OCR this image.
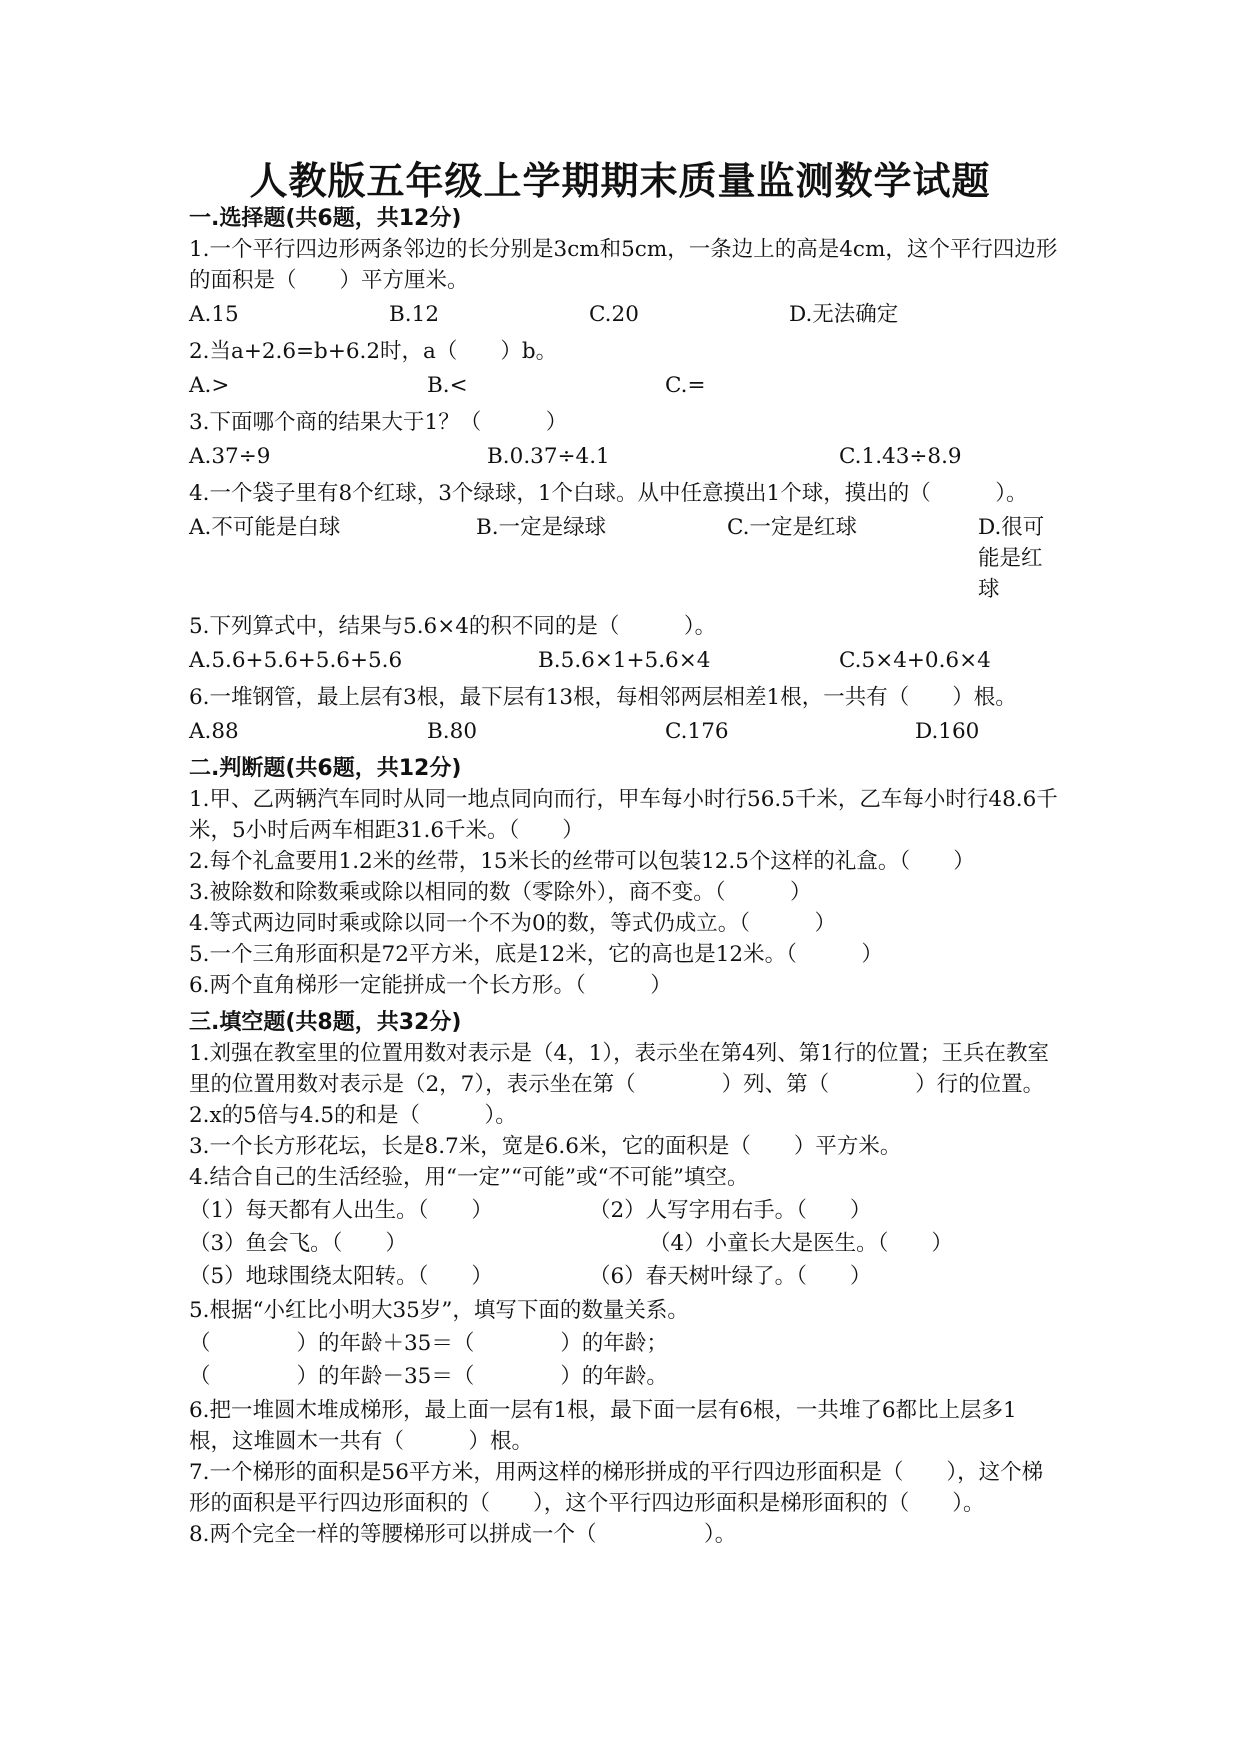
人教版五年级上学期期末质量监测数学试题
一.选择题(共6题，共12分)
1.一个平行四边形两条邻边的长分别是3cm和5cm，一条边上的高是4cm，这个平行四边形的面积是（　　）平方厘米。
A.15	B.12	C.20	D.无法确定
2.当a+2.6=b+6.2时，a（　　）b。
A.>	B.<	C.=
3.下面哪个商的结果大于1？（　　　）
A.37÷9	B.0.37÷4.1	C.1.43÷8.9
4.一个袋子里有8个红球，3个绿球，1个白球。从中任意摸出1个球，摸出的（　　　）。
A.不可能是白球	B.一定是绿球	C.一定是红球	D.很可能是红球
5.下列算式中，结果与5.6×4的积不同的是（　　　）。
A.5.6+5.6+5.6+5.6	B.5.6×1+5.6×4	C.5×4+0.6×4
6.一堆钢管，最上层有3根，最下层有13根，每相邻两层相差1根，一共有（　　）根。
A.88	B.80	C.176	D.160
二.判断题(共6题，共12分)
1.甲、乙两辆汽车同时从同一地点同向而行，甲车每小时行56.5千米，乙车每小时行48.6千米，5小时后两车相距31.6千米。（　　）
2.每个礼盒要用1.2米的丝带，15米长的丝带可以包装12.5个这样的礼盒。（　　）
3.被除数和除数乘或除以相同的数（零除外），商不变。（　　　）
4.等式两边同时乘或除以同一个不为0的数，等式仍成立。（　　　）
5.一个三角形面积是72平方米，底是12米，它的高也是12米。（　　　）
6.两个直角梯形一定能拼成一个长方形。（　　　）
三.填空题(共8题，共32分)
1.刘强在教室里的位置用数对表示是（4，1），表示坐在第4列、第1行的位置；王兵在教室里的位置用数对表示是（2，7），表示坐在第（　　　　）列、第（　　　　）行的位置。
2.x的5倍与4.5的和是（　　　）。
3.一个长方形花坛，长是8.7米，宽是6.6米，它的面积是（　　）平方米。
4.结合自己的生活经验，用“一定”“可能”或“不可能”填空。
（1）每天都有人出生。（　　）	（2）人写字用右手。（　　）
（3）鱼会飞。（　　）	（4）小童长大是医生。（　　）
（5）地球围绕太阳转。（　　）	（6）春天树叶绿了。（　　）
5.根据“小红比小明大35岁”，填写下面的数量关系。
（　　　　）的年龄＋35＝（　　　　）的年龄；
（　　　　）的年龄－35＝（　　　　）的年龄。
6.把一堆圆木堆成梯形，最上面一层有1根，最下面一层有6根，一共堆了6都比上层多1根，这堆圆木一共有（　　　）根。
7.一个梯形的面积是56平方米，用两这样的梯形拼成的平行四边形面积是（　　），这个梯形的面积是平行四边形面积的（　　），这个平行四边形面积是梯形面积的（　　）。
8.两个完全一样的等腰梯形可以拼成一个（　　　　　）。
